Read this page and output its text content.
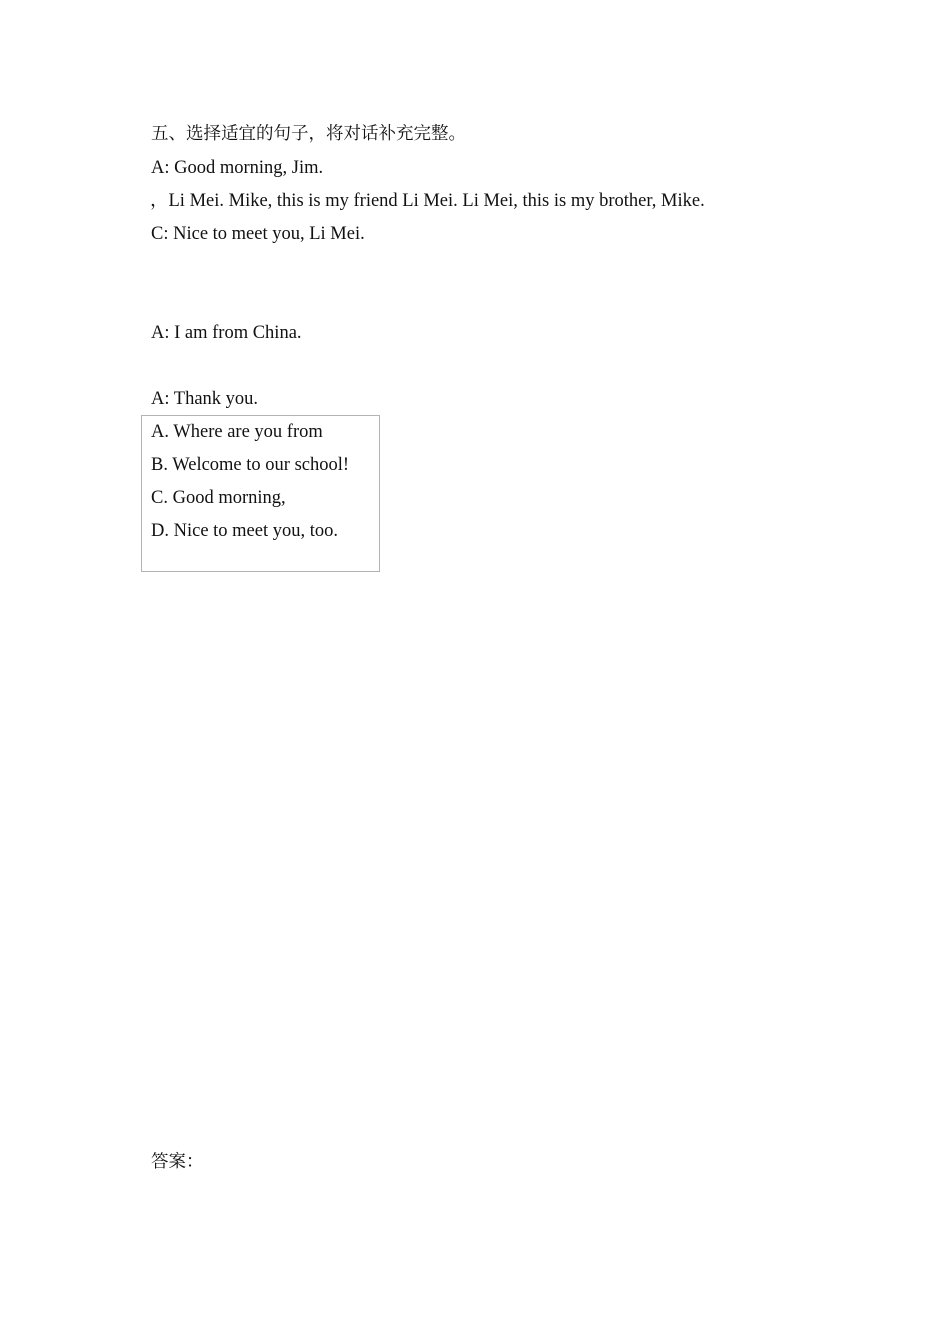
五、选择适宜的句子，将对话补充完整。
A: Good morning, Jim.
，Li Mei. Mike, this is my friend Li Mei. Li Mei, this is my brother, Mike.
C: Nice to meet you, Li Mei.
A: I am from China.
A: Thank you.
A. Where are you from
B. Welcome to our school!
C. Good morning,
D. Nice to meet you, too.
答案：
